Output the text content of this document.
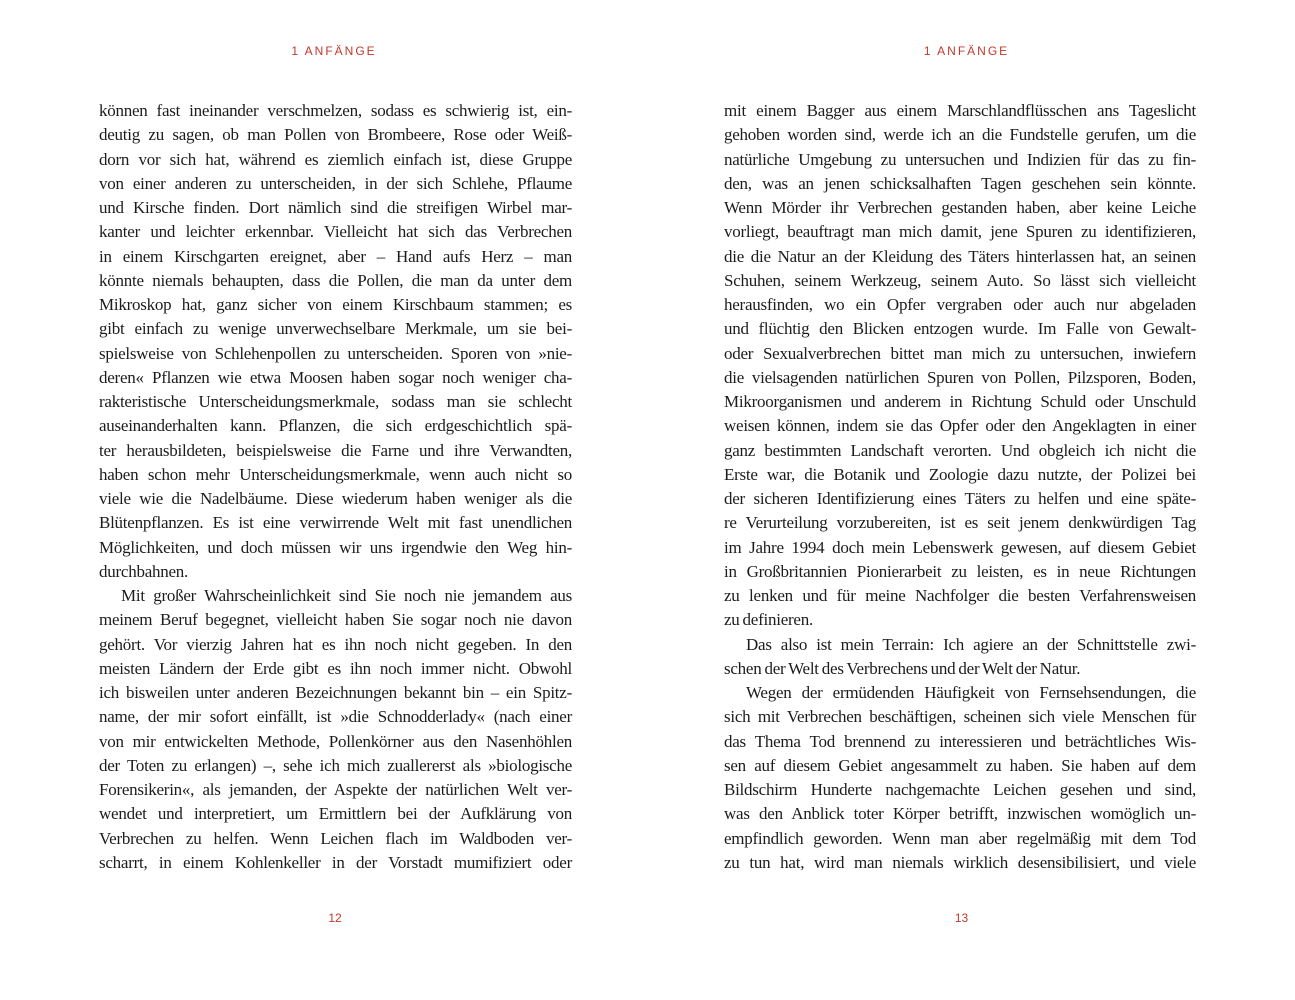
1 ANFÄNGE
können fast ineinander verschmelzen, sodass es schwierig ist, ein-
deutig zu sagen, ob man Pollen von Brombeere, Rose oder Weiß-
dorn vor sich hat, während es ziemlich einfach ist, diese Gruppe
von einer anderen zu unterscheiden, in der sich Schlehe, Pflaume
und Kirsche finden. Dort nämlich sind die streifigen Wirbel mar-
kanter und leichter erkennbar. Vielleicht hat sich das Verbrechen
in einem Kirschgarten ereignet, aber – Hand aufs Herz – man
könnte niemals behaupten, dass die Pollen, die man da unter dem
Mikroskop hat, ganz sicher von einem Kirschbaum stammen; es
gibt einfach zu wenige unverwechselbare Merkmale, um sie bei-
spielsweise von Schlehenpollen zu unterscheiden. Sporen von »nie-
deren« Pflanzen wie etwa Moosen haben sogar noch weniger cha-
rakteristische Unterscheidungsmerkmale, sodass man sie schlecht
auseinanderhalten kann. Pflanzen, die sich erdgeschichtlich spä-
ter herausbildeten, beispielsweise die Farne und ihre Verwandten,
haben schon mehr Unterscheidungsmerkmale, wenn auch nicht so
viele wie die Nadelbäume. Diese wiederum haben weniger als die
Blütenpflanzen. Es ist eine verwirrende Welt mit fast unendlichen
Möglichkeiten, und doch müssen wir uns irgendwie den Weg hin-
durchbahnen.
Mit großer Wahrscheinlichkeit sind Sie noch nie jemandem aus
meinem Beruf begegnet, vielleicht haben Sie sogar noch nie davon
gehört. Vor vierzig Jahren hat es ihn noch nicht gegeben. In den
meisten Ländern der Erde gibt es ihn noch immer nicht. Obwohl
ich bisweilen unter anderen Bezeichnungen bekannt bin – ein Spitz-
name, der mir sofort einfällt, ist »die Schnodderlady« (nach einer
von mir entwickelten Methode, Pollenkörner aus den Nasenhöhlen
der Toten zu erlangen) –, sehe ich mich zuallererst als »biologische
Forensikerin«, als jemanden, der Aspekte der natürlichen Welt ver-
wendet und interpretiert, um Ermittlern bei der Aufklärung von
Verbrechen zu helfen. Wenn Leichen flach im Waldboden ver-
scharrt, in einem Kohlenkeller in der Vorstadt mumifiziert oder
12
1 ANFÄNGE
mit einem Bagger aus einem Marschlandflüsschen ans Tageslicht
gehoben worden sind, werde ich an die Fundstelle gerufen, um die
natürliche Umgebung zu untersuchen und Indizien für das zu fin-
den, was an jenen schicksalhaften Tagen geschehen sein könnte.
Wenn Mörder ihr Verbrechen gestanden haben, aber keine Leiche
vorliegt, beauftragt man mich damit, jene Spuren zu identifizieren,
die die Natur an der Kleidung des Täters hinterlassen hat, an seinen
Schuhen, seinem Werkzeug, seinem Auto. So lässt sich vielleicht
herausfinden, wo ein Opfer vergraben oder auch nur abgeladen
und flüchtig den Blicken entzogen wurde. Im Falle von Gewalt-
oder Sexualverbrechen bittet man mich zu untersuchen, inwiefern
die vielsagenden natürlichen Spuren von Pollen, Pilzsporen, Boden,
Mikroorganismen und anderem in Richtung Schuld oder Unschuld
weisen können, indem sie das Opfer oder den Angeklagten in einer
ganz bestimmten Landschaft verorten. Und obgleich ich nicht die
Erste war, die Botanik und Zoologie dazu nutzte, der Polizei bei
der sicheren Identifizierung eines Täters zu helfen und eine späte-
re Verurteilung vorzubereiten, ist es seit jenem denkwürdigen Tag
im Jahre 1994 doch mein Lebenswerk gewesen, auf diesem Gebiet
in Großbritannien Pionierarbeit zu leisten, es in neue Richtungen
zu lenken und für meine Nachfolger die besten Verfahrensweisen
zu definieren.
Das also ist mein Terrain: Ich agiere an der Schnittstelle zwi-
schen der Welt des Verbrechens und der Welt der Natur.
Wegen der ermüdenden Häufigkeit von Fernsehsendungen, die
sich mit Verbrechen beschäftigen, scheinen sich viele Menschen für
das Thema Tod brennend zu interessieren und beträchtliches Wis-
sen auf diesem Gebiet angesammelt zu haben. Sie haben auf dem
Bildschirm Hunderte nachgemachte Leichen gesehen und sind,
was den Anblick toter Körper betrifft, inzwischen womöglich un-
empfindlich geworden. Wenn man aber regelmäßig mit dem Tod
zu tun hat, wird man niemals wirklich desensibilisiert, und viele
13
